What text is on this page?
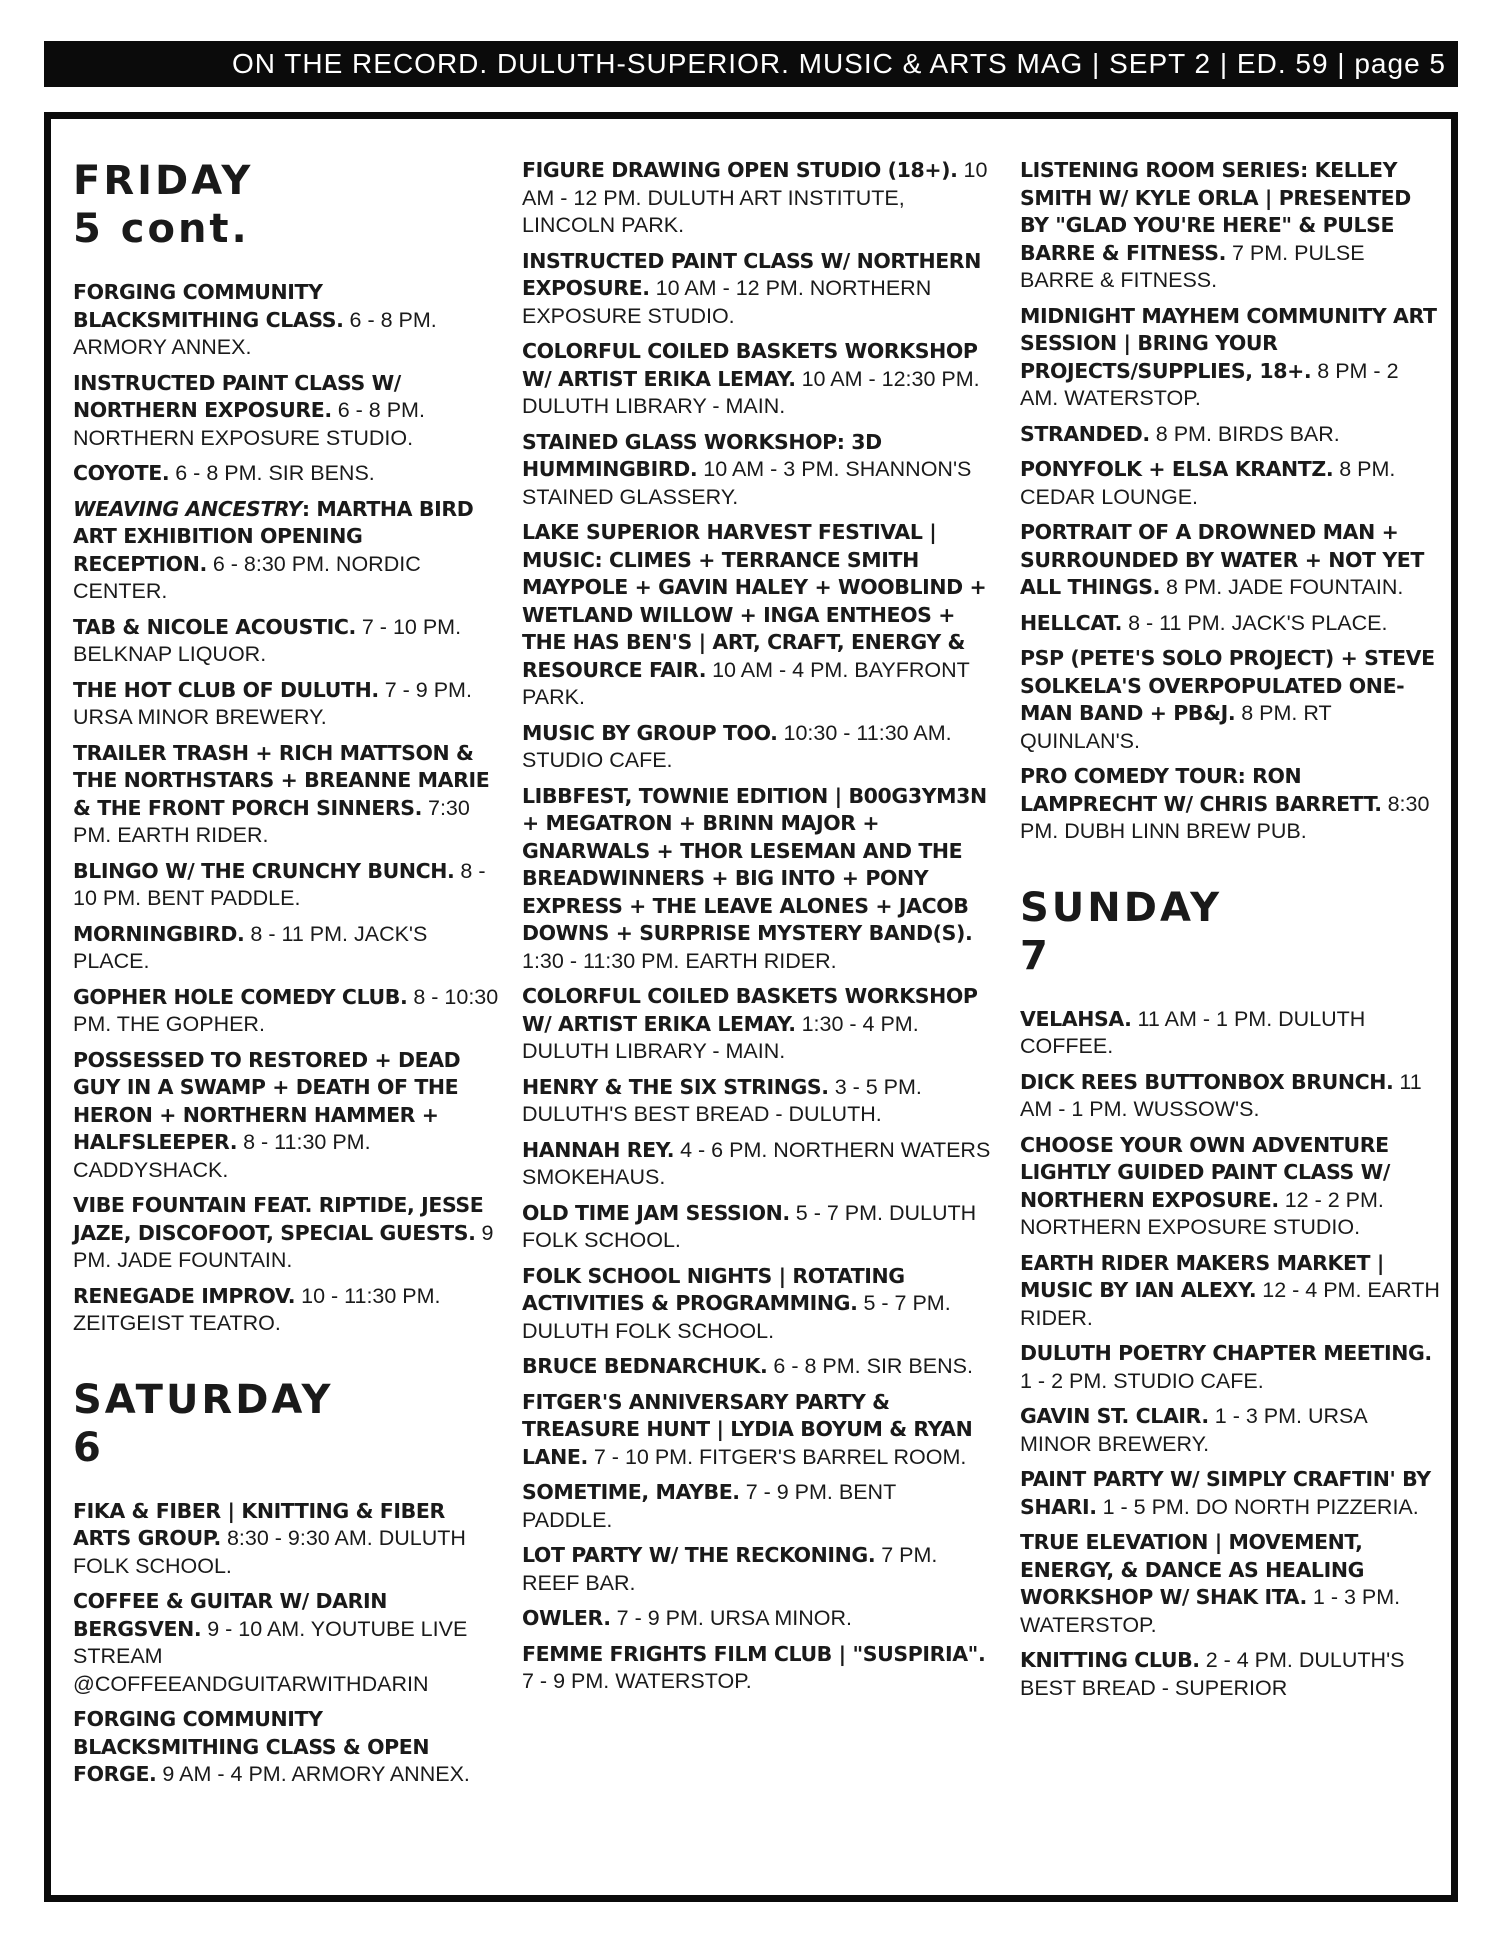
ON THE RECORD. DULUTH-SUPERIOR. MUSIC & ARTS MAG | SEPT 2 | ED. 59 | page 5
FRIDAY
5 cont.
FORGING COMMUNITY BLACKSMITHING CLASS. 6 - 8 PM. ARMORY ANNEX.
INSTRUCTED PAINT CLASS W/ NORTHERN EXPOSURE. 6 - 8 PM. NORTHERN EXPOSURE STUDIO.
COYOTE. 6 - 8 PM. SIR BENS.
WEAVING ANCESTRY: MARTHA BIRD ART EXHIBITION OPENING RECEPTION. 6 - 8:30 PM. NORDIC CENTER.
TAB & NICOLE ACOUSTIC. 7 - 10 PM. BELKNAP LIQUOR.
THE HOT CLUB OF DULUTH. 7 - 9 PM. URSA MINOR BREWERY.
TRAILER TRASH + RICH MATTSON & THE NORTHSTARS + BREANNE MARIE & THE FRONT PORCH SINNERS. 7:30 PM. EARTH RIDER.
BLINGO W/ THE CRUNCHY BUNCH. 8 - 10 PM. BENT PADDLE.
MORNINGBIRD. 8 - 11 PM. JACK'S PLACE.
GOPHER HOLE COMEDY CLUB. 8 - 10:30 PM. THE GOPHER.
POSSESSED TO RESTORED + DEAD GUY IN A SWAMP + DEATH OF THE HERON + NORTHERN HAMMER + HALFSLEEPER. 8 - 11:30 PM. CADDYSHACK.
VIBE FOUNTAIN FEAT. RIPTIDE, JESSE JAZE, DISCOFOOT, SPECIAL GUESTS. 9 PM. JADE FOUNTAIN.
RENEGADE IMPROV. 10 - 11:30 PM. ZEITGEIST TEATRO.
SATURDAY
6
FIKA & FIBER | KNITTING & FIBER ARTS GROUP. 8:30 - 9:30 AM. DULUTH FOLK SCHOOL.
COFFEE & GUITAR W/ DARIN BERGSVEN. 9 - 10 AM. YOUTUBE LIVE STREAM @COFFEEANDGUITARWITHDARIN
FORGING COMMUNITY BLACKSMITHING CLASS & OPEN FORGE. 9 AM - 4 PM. ARMORY ANNEX.
FIGURE DRAWING OPEN STUDIO (18+). 10 AM - 12 PM. DULUTH ART INSTITUTE, LINCOLN PARK.
INSTRUCTED PAINT CLASS W/ NORTHERN EXPOSURE. 10 AM - 12 PM. NORTHERN EXPOSURE STUDIO.
COLORFUL COILED BASKETS WORKSHOP W/ ARTIST ERIKA LEMAY. 10 AM - 12:30 PM. DULUTH LIBRARY - MAIN.
STAINED GLASS WORKSHOP: 3D HUMMINGBIRD. 10 AM - 3 PM. SHANNON'S STAINED GLASSERY.
LAKE SUPERIOR HARVEST FESTIVAL | MUSIC: CLIMES + TERRANCE SMITH MAYPOLE + GAVIN HALEY + WOOBLIND + WETLAND WILLOW + INGA ENTHEOS + THE HAS BEN'S | ART, CRAFT, ENERGY & RESOURCE FAIR. 10 AM - 4 PM. BAYFRONT PARK.
MUSIC BY GROUP TOO. 10:30 - 11:30 AM. STUDIO CAFE.
LIBBFEST, TOWNIE EDITION | B00G3YM3N + MEGATRON + BRINN MAJOR + GNARWALS + THOR LESEMAN AND THE BREADWINNERS + BIG INTO + PONY EXPRESS + THE LEAVE ALONES + JACOB DOWNS + SURPRISE MYSTERY BAND(S). 1:30 - 11:30 PM. EARTH RIDER.
COLORFUL COILED BASKETS WORKSHOP W/ ARTIST ERIKA LEMAY. 1:30 - 4 PM. DULUTH LIBRARY - MAIN.
HENRY & THE SIX STRINGS. 3 - 5 PM. DULUTH'S BEST BREAD - DULUTH.
HANNAH REY. 4 - 6 PM. NORTHERN WATERS SMOKEHAUS.
OLD TIME JAM SESSION. 5 - 7 PM. DULUTH FOLK SCHOOL.
FOLK SCHOOL NIGHTS | ROTATING ACTIVITIES & PROGRAMMING. 5 - 7 PM. DULUTH FOLK SCHOOL.
BRUCE BEDNARCHUK. 6 - 8 PM. SIR BENS.
FITGER'S ANNIVERSARY PARTY & TREASURE HUNT | LYDIA BOYUM & RYAN LANE. 7 - 10 PM. FITGER'S BARREL ROOM.
SOMETIME, MAYBE. 7 - 9 PM. BENT PADDLE.
LOT PARTY W/ THE RECKONING. 7 PM. REEF BAR.
OWLER. 7 - 9 PM. URSA MINOR.
FEMME FRIGHTS FILM CLUB | "SUSPIRIA". 7 - 9 PM. WATERSTOP.
LISTENING ROOM SERIES: KELLEY SMITH W/ KYLE ORLA | PRESENTED BY "GLAD YOU'RE HERE" & PULSE BARRE & FITNESS. 7 PM. PULSE BARRE & FITNESS.
MIDNIGHT MAYHEM COMMUNITY ART SESSION | BRING YOUR PROJECTS/SUPPLIES, 18+. 8 PM - 2 AM. WATERSTOP.
STRANDED. 8 PM. BIRDS BAR.
PONYFOLK + ELSA KRANTZ. 8 PM. CEDAR LOUNGE.
PORTRAIT OF A DROWNED MAN + SURROUNDED BY WATER + NOT YET ALL THINGS. 8 PM. JADE FOUNTAIN.
HELLCAT. 8 - 11 PM. JACK'S PLACE.
PSP (PETE'S SOLO PROJECT) + STEVE SOLKELA'S OVERPOPULATED ONE-MAN BAND + PB&J. 8 PM. RT QUINLAN'S.
PRO COMEDY TOUR: RON LAMPRECHT W/ CHRIS BARRETT. 8:30 PM. DUBH LINN BREW PUB.
SUNDAY
7
VELAHSA. 11 AM - 1 PM. DULUTH COFFEE.
DICK REES BUTTONBOX BRUNCH. 11 AM - 1 PM. WUSSOW'S.
CHOOSE YOUR OWN ADVENTURE LIGHTLY GUIDED PAINT CLASS W/ NORTHERN EXPOSURE. 12 - 2 PM. NORTHERN EXPOSURE STUDIO.
EARTH RIDER MAKERS MARKET | MUSIC BY IAN ALEXY. 12 - 4 PM. EARTH RIDER.
DULUTH POETRY CHAPTER MEETING. 1 - 2 PM. STUDIO CAFE.
GAVIN ST. CLAIR. 1 - 3 PM. URSA MINOR BREWERY.
PAINT PARTY W/ SIMPLY CRAFTIN' BY SHARI. 1 - 5 PM. DO NORTH PIZZERIA.
TRUE ELEVATION | MOVEMENT, ENERGY, & DANCE AS HEALING WORKSHOP W/ SHAK ITA. 1 - 3 PM. WATERSTOP.
KNITTING CLUB. 2 - 4 PM. DULUTH'S BEST BREAD - SUPERIOR
